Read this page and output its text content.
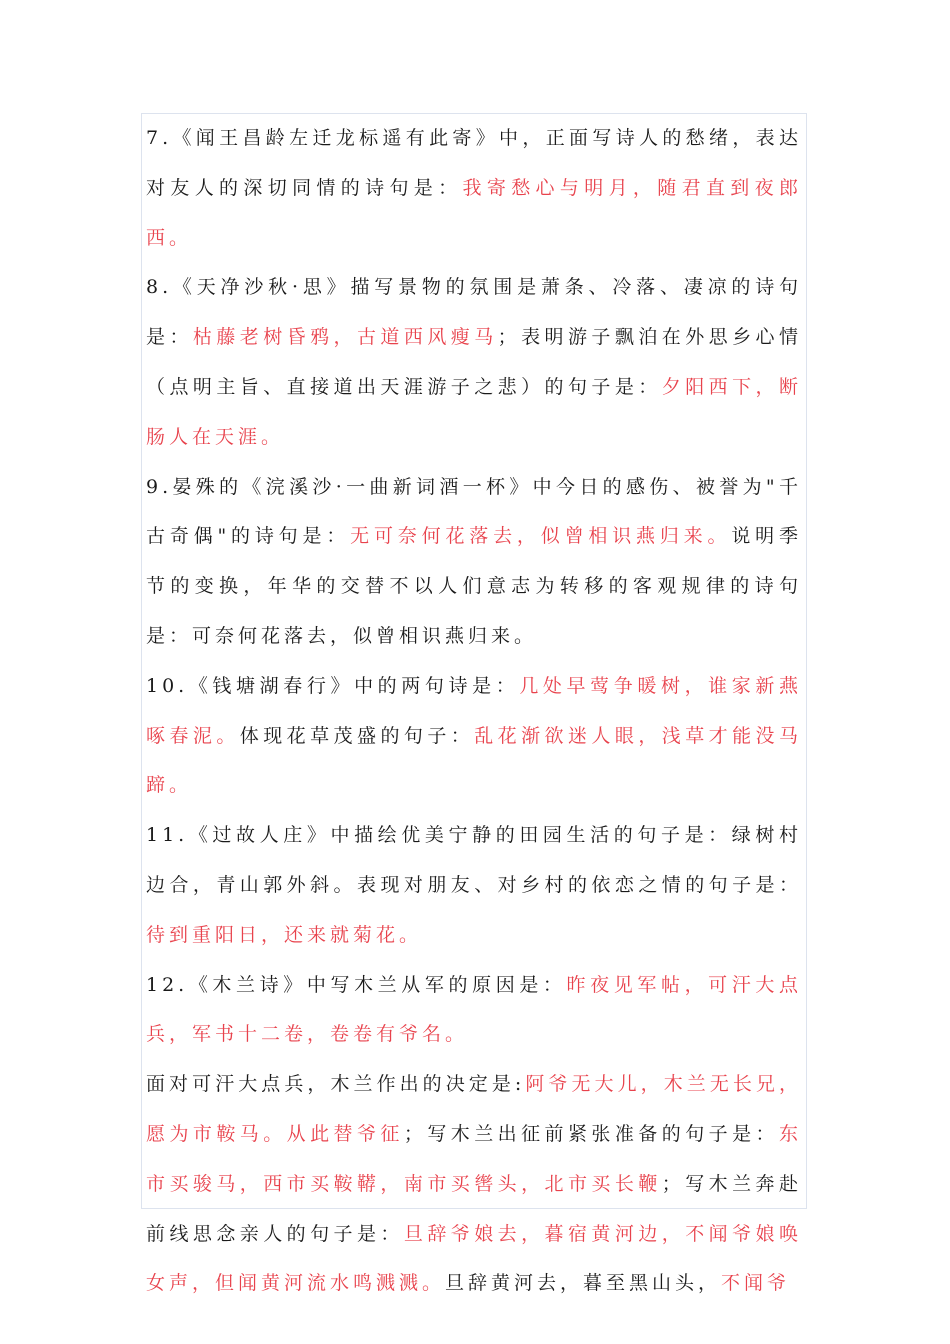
7.《闻王昌龄左迁龙标遥有此寄》中，正面写诗人的愁绪，表达对友人的深切同情的诗句是：我寄愁心与明月，随君直到夜郎西。

8.《天净沙秋·思》描写景物的氛围是萧条、冷落、凄凉的诗句是：枯藤老树昏鸦，古道西风瘦马；表明游子飘泊在外思乡心情（点明主旨、直接道出天涯游子之悲）的句子是：夕阳西下，断肠人在天涯。

9.晏殊的《浣溪沙·一曲新词酒一杯》中今日的感伤、被誉为"千古奇偶"的诗句是：无可奈何花落去，似曾相识燕归来。说明季节的变换，年华的交替不以人们意志为转移的客观规律的诗句是：可奈何花落去，似曾相识燕归来。

10.《钱塘湖春行》中的两句诗是：几处早莺争暖树，谁家新燕啄春泥。体现花草茂盛的句子：乱花渐欲迷人眼，浅草才能没马蹄。

11.《过故人庄》中描绘优美宁静的田园生活的句子是：绿树村边合，青山郭外斜。表现对朋友、对乡村的依恋之情的句子是：待到重阳日，还来就菊花。

12.《木兰诗》中写木兰从军的原因是：昨夜见军帖，可汗大点兵，军书十二卷，卷卷有爷名。

面对可汗大点兵，木兰作出的决定是:阿爷无大儿，木兰无长兄，愿为市鞍马。从此替爷征；写木兰出征前紧张准备的句子是：东市买骏马，西市买鞍鞯，南市买辔头，北市买长鞭；写木兰奔赴前线思念亲人的句子是：旦辞爷娘去，暮宿黄河边，不闻爷娘唤女声，但闻黄河流水鸣溅溅。旦辞黄河去，暮至黑山头，不闻爷
